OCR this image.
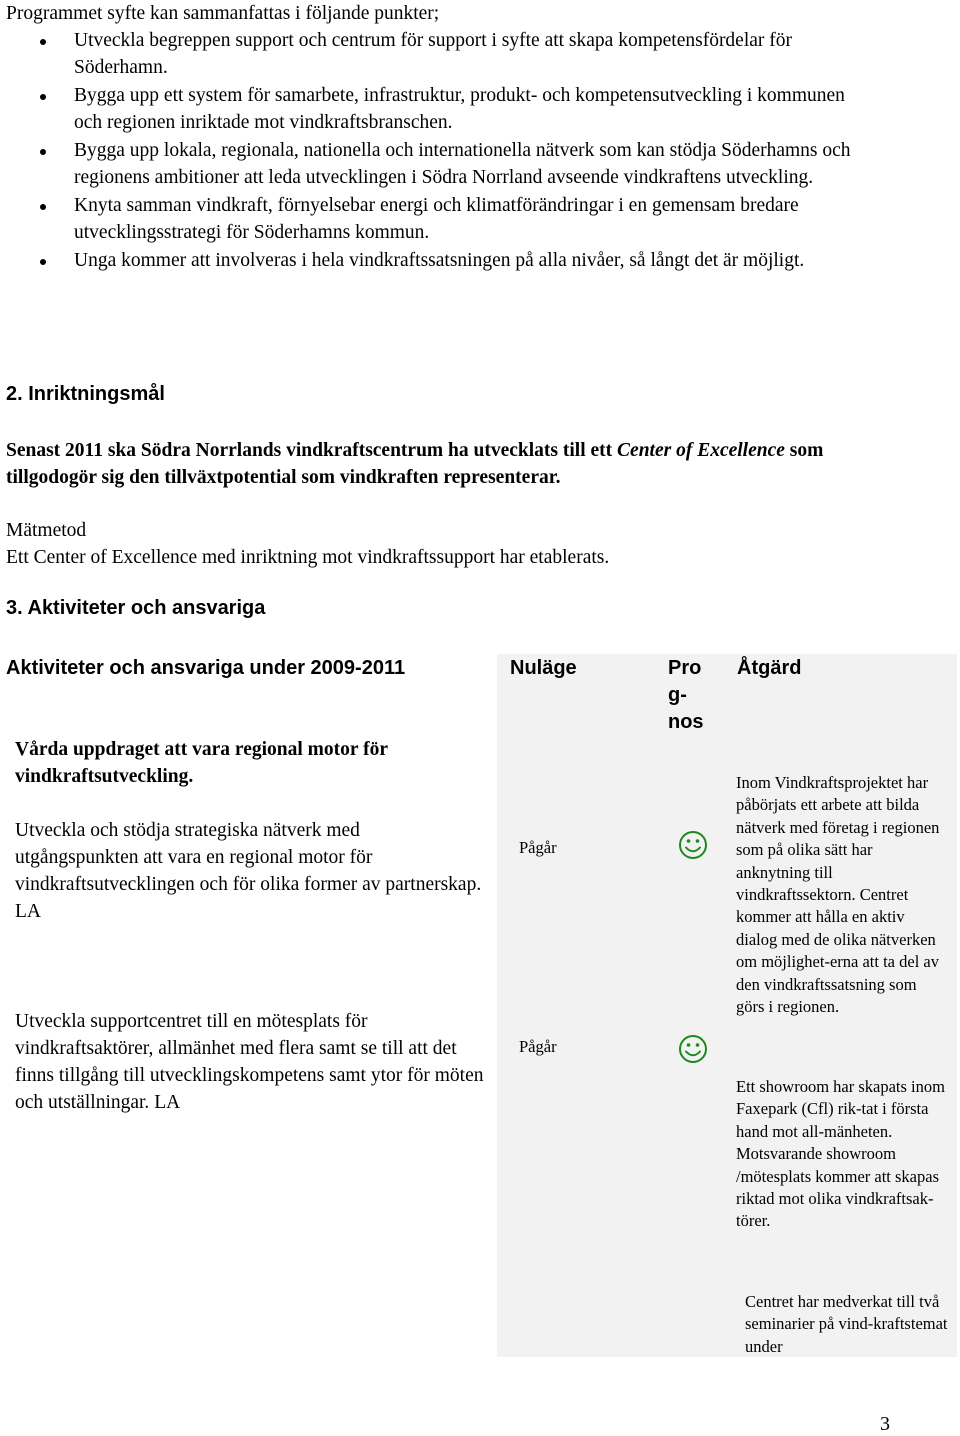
Programmet syfte kan sammanfattas i följande punkter;
Utveckla begreppen support och centrum för support i syfte att skapa kompetensfördelar för Söderhamn.
Bygga upp ett system för samarbete, infrastruktur, produkt- och kompetensutveckling i kommunen och regionen inriktade mot vindkraftsbranschen.
Bygga upp lokala, regionala, nationella och internationella nätverk som kan stödja Söderhamns och regionens ambitioner att leda utvecklingen i Södra Norrland avseende vindkraftens utveckling.
Knyta samman vindkraft, förnyelsebar energi och klimatförändringar i en gemensam bredare utvecklingsstrategi för Söderhamns kommun.
Unga kommer att involveras i hela vindkraftssatsningen på alla nivåer, så långt det är möjligt.
2. Inriktningsmål
Senast 2011 ska Södra Norrlands vindkraftscentrum ha utvecklats till ett Center of Excellence som tillgodogör sig den tillväxtpotential som vindkraften representerar.
Mätmetod
Ett Center of Excellence med inriktning mot vindkraftssupport har etablerats.
3. Aktiviteter och ansvariga
Aktiviteter och ansvariga under 2009-2011	Nuläge	Pro
g-
nos
Åtgärd
Vårda uppdraget att vara regional motor för vindkraftsutveckling.
Utveckla och stödja strategiska nätverk med utgångspunkten att vara en regional motor för vindkraftsutvecklingen och för olika former av partnerskap. LA
Pågår
Utveckla supportcentret till en mötesplats för vindkraftsaktörer, allmänhet med flera samt se till att det finns tillgång till utvecklingskompetens samt ytor för möten och utställningar. LA
Pågår
Inom Vindkraftsprojektet har påbörjats ett arbete att bilda nätverk med företag i regionen som på olika sätt har anknytning till vindkraftssektorn. Centret kommer att hålla en aktiv dialog med de olika nätverken om möjlighet-erna att ta del av den vindkraftssatsning som görs i regionen.
Ett showroom har skapats inom Faxepark (Cfl) rik-tat i första hand mot all-mänheten. Motsvarande showroom /mötesplats kommer att skapas riktad mot olika vindkraftsak-törer.
Centret har medverkat till två seminarier på vind-kraftstemat under
3
